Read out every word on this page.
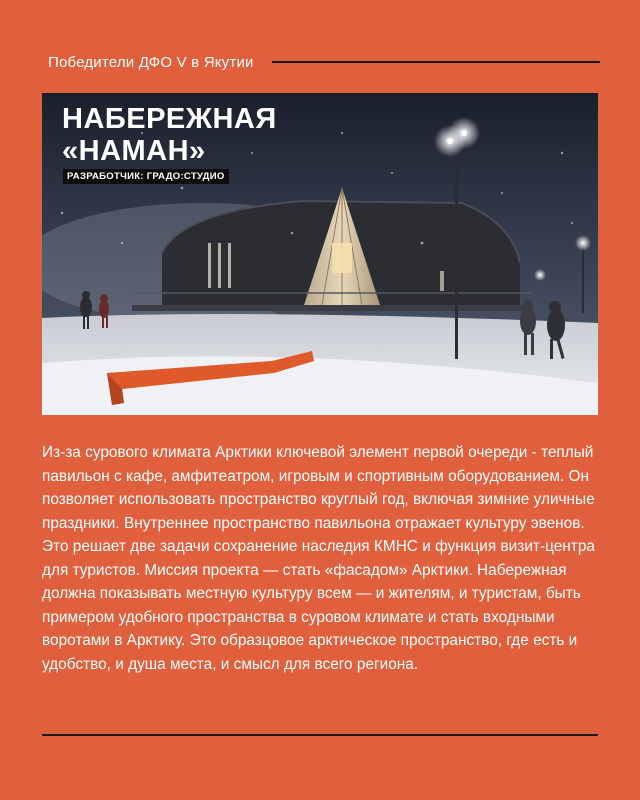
Победители ДФО V в Якутии
НАБЕРЕЖНАЯ
«НАМАН»
РАЗРАБОТЧИК: ГРАДО:СТУДИО
Из-за сурового климата Арктики ключевой элемент первой очереди - теплый павильон с кафе, амфитеатром, игровым и спортивным оборудованием. Он позволяет использовать пространство круглый год, включая зимние уличные праздники. Внутреннее пространство павильона отражает культуру эвенов. Это решает две задачи сохранение наследия КМНС и функция визит-центра для туристов. Миссия проекта — стать «фасадом» Арктики. Набережная должна показывать местную культуру всем — и жителям, и туристам, быть примером удобного пространства в суровом климате и стать входными воротами в Арктику. Это образцовое арктическое пространство, где есть и удобство, и душа места, и смысл для всего региона.
